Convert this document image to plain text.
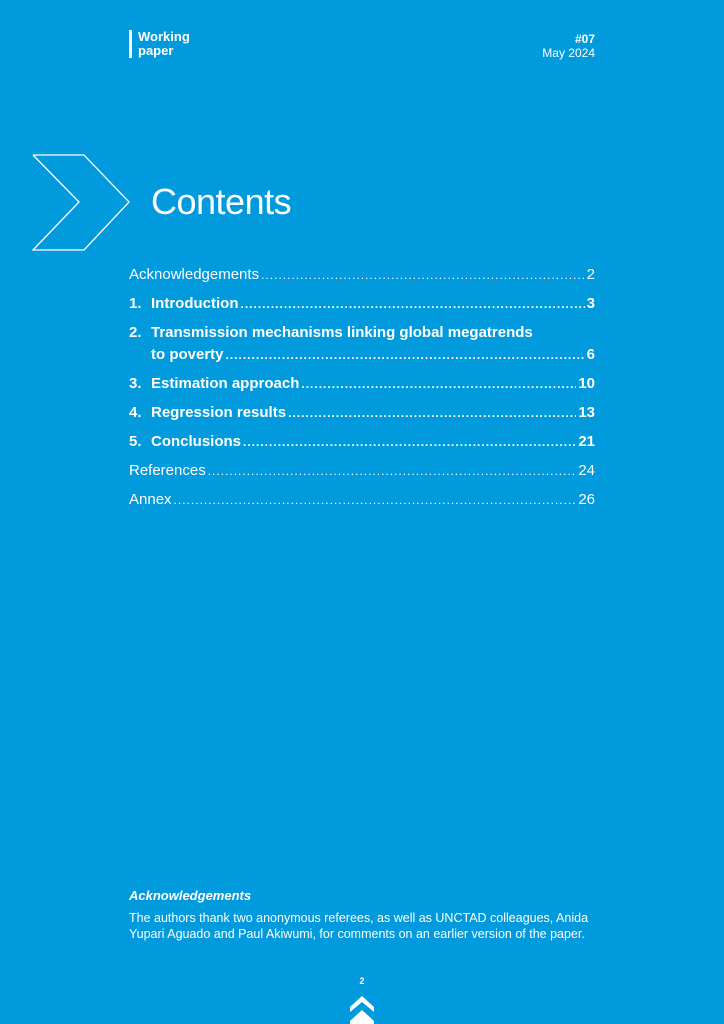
Working
paper
#07
May 2024
Contents
Acknowledgements .....	2
1. Introduction .....	3
2. Transmission mechanisms linking global megatrends
to poverty .....	6
3. Estimation approach .....	10
4. Regression results .....	13
5. Conclusions .....	21
References .....	24
Annex .....	26
Acknowledgements
The authors thank two anonymous referees, as well as UNCTAD colleagues, Anida Yupari Aguado and Paul Akiwumi, for comments on an earlier version of the paper.
2
